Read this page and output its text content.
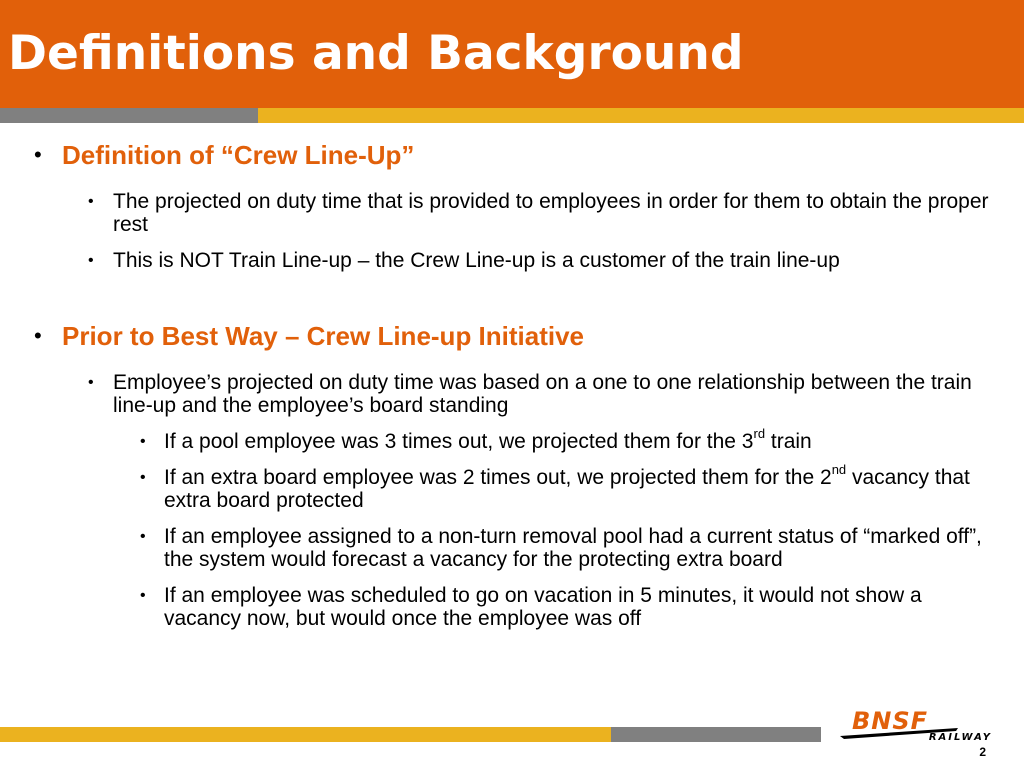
Definitions and Background
• Definition of “Crew Line-Up”
• The projected on duty time that is provided to employees in order for them to obtain the proper rest
• This is NOT Train Line-up – the Crew Line-up is a customer of the train line-up
• Prior to Best Way – Crew Line-up Initiative
• Employee’s projected on duty time was based on a one to one relationship between the train line-up and the employee’s board standing
• If a pool employee was 3 times out, we projected them for the 3rd train
• If an extra board employee was 2 times out, we projected them for the 2nd vacancy that extra board protected
• If an employee assigned to a non-turn removal pool had a current status of “marked off”, the system would forecast a vacancy for the protecting extra board
• If an employee was scheduled to go on vacation in 5 minutes, it would not show a vacancy now, but would once the employee was off
BNSF
RAILWAY
2
